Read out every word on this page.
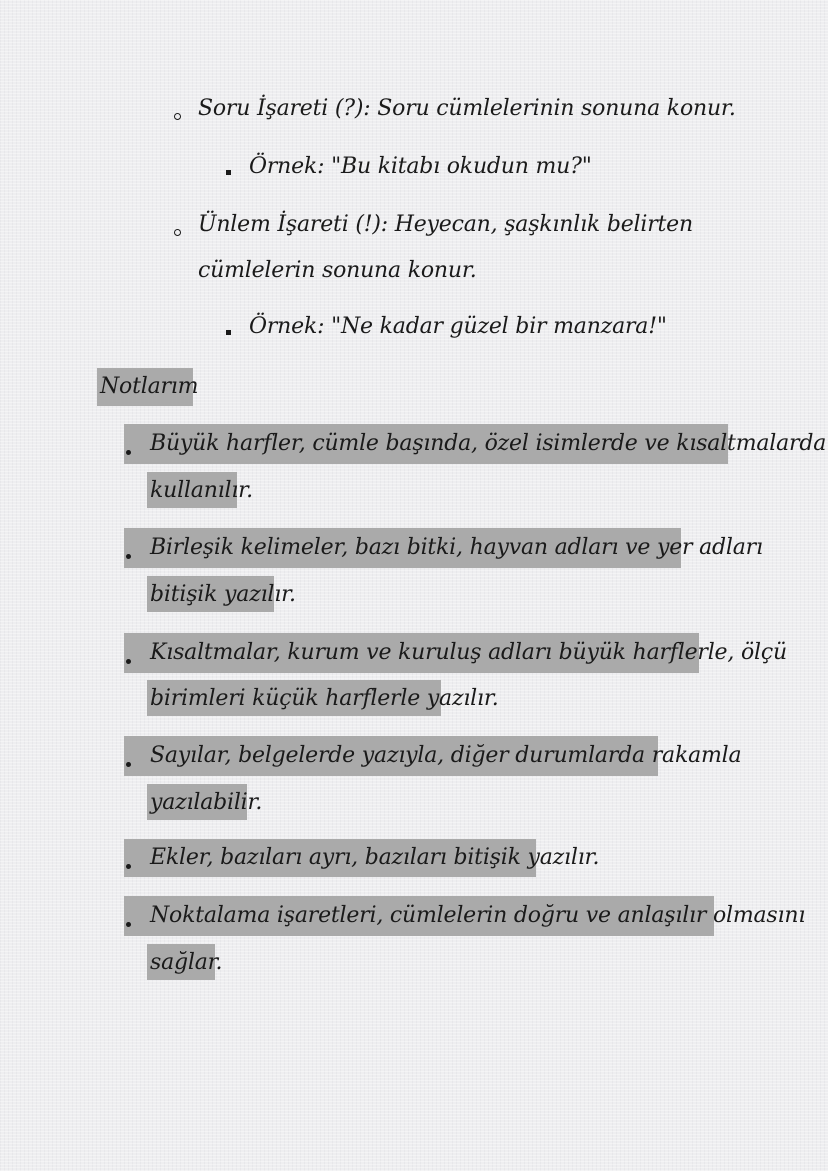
Soru İşareti (?): Soru cümlelerinin sonuna konur.
Örnek: "Bu kitabı okudun mu?"
Ünlem İşareti (!): Heyecan, şaşkınlık belirten
cümlelerin sonuna konur.
Örnek: "Ne kadar güzel bir manzara!"
Notlarım
Büyük harfler, cümle başında, özel isimlerde ve kısaltmalarda
kullanılır.
Birleşik kelimeler, bazı bitki, hayvan adları ve yer adları
bitişik yazılır.
Kısaltmalar, kurum ve kuruluş adları büyük harflerle, ölçü
birimleri küçük harflerle yazılır.
Sayılar, belgelerde yazıyla, diğer durumlarda rakamla
yazılabilir.
Ekler, bazıları ayrı, bazıları bitişik yazılır.
Noktalama işaretleri, cümlelerin doğru ve anlaşılır olmasını
sağlar.
